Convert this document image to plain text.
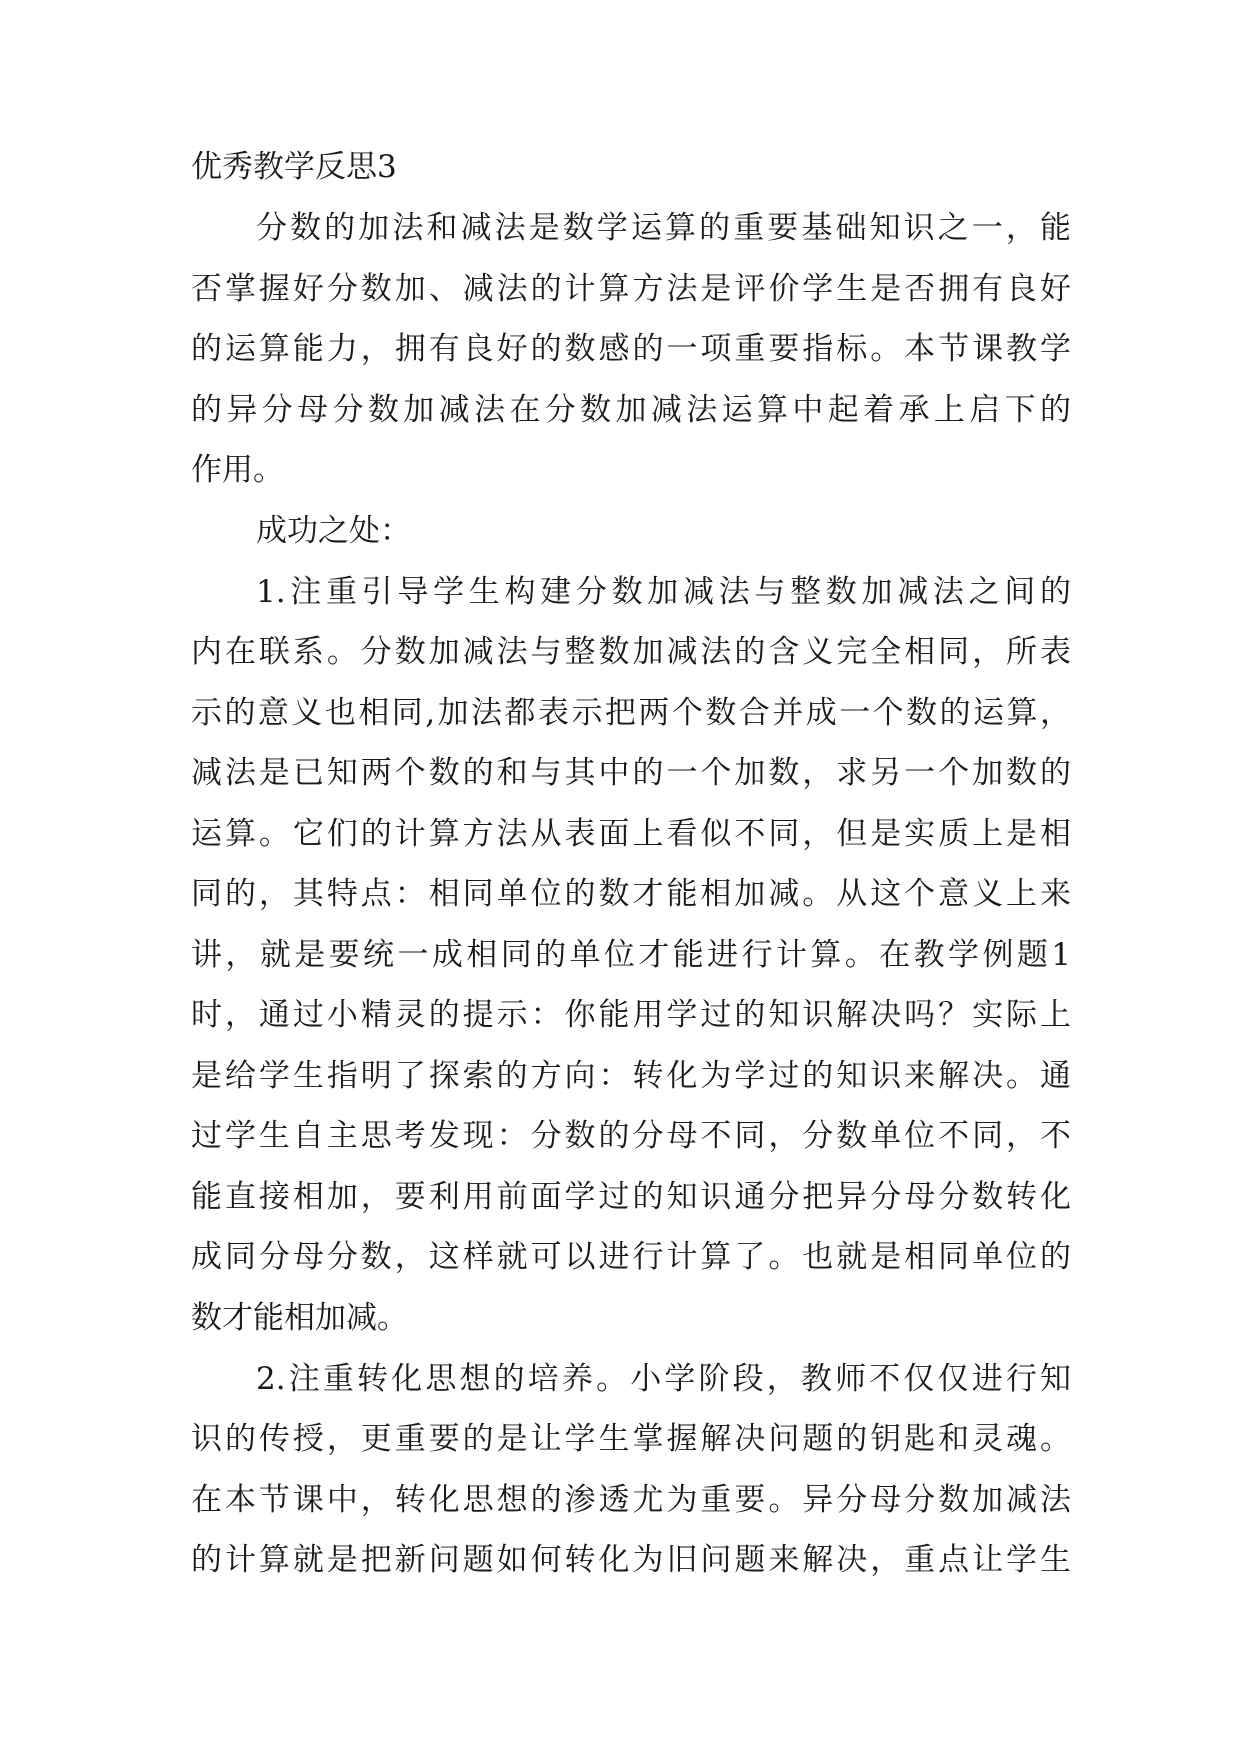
优秀教学反思3

分数的加法和减法是数学运算的重要基础知识之一，能

否掌握好分数加、减法的计算方法是评价学生是否拥有良好

的运算能力，拥有良好的数感的一项重要指标。本节课教学

的异分母分数加减法在分数加减法运算中起着承上启下的

作用。

成功之处：

1.注重引导学生构建分数加减法与整数加减法之间的

内在联系。分数加减法与整数加减法的含义完全相同，所表

示的意义也相同,加法都表示把两个数合并成一个数的运算，

减法是已知两个数的和与其中的一个加数，求另一个加数的

运算。它们的计算方法从表面上看似不同，但是实质上是相

同的，其特点：相同单位的数才能相加减。从这个意义上来

讲，就是要统一成相同的单位才能进行计算。在教学例题1

时，通过小精灵的提示：你能用学过的知识解决吗？实际上

是给学生指明了探索的方向：转化为学过的知识来解决。通

过学生自主思考发现：分数的分母不同，分数单位不同，不

能直接相加，要利用前面学过的知识通分把异分母分数转化

成同分母分数，这样就可以进行计算了。也就是相同单位的

数才能相加减。

2.注重转化思想的培养。小学阶段，教师不仅仅进行知

识的传授，更重要的是让学生掌握解决问题的钥匙和灵魂。

在本节课中，转化思想的渗透尤为重要。异分母分数加减法

的计算就是把新问题如何转化为旧问题来解决，重点让学生
